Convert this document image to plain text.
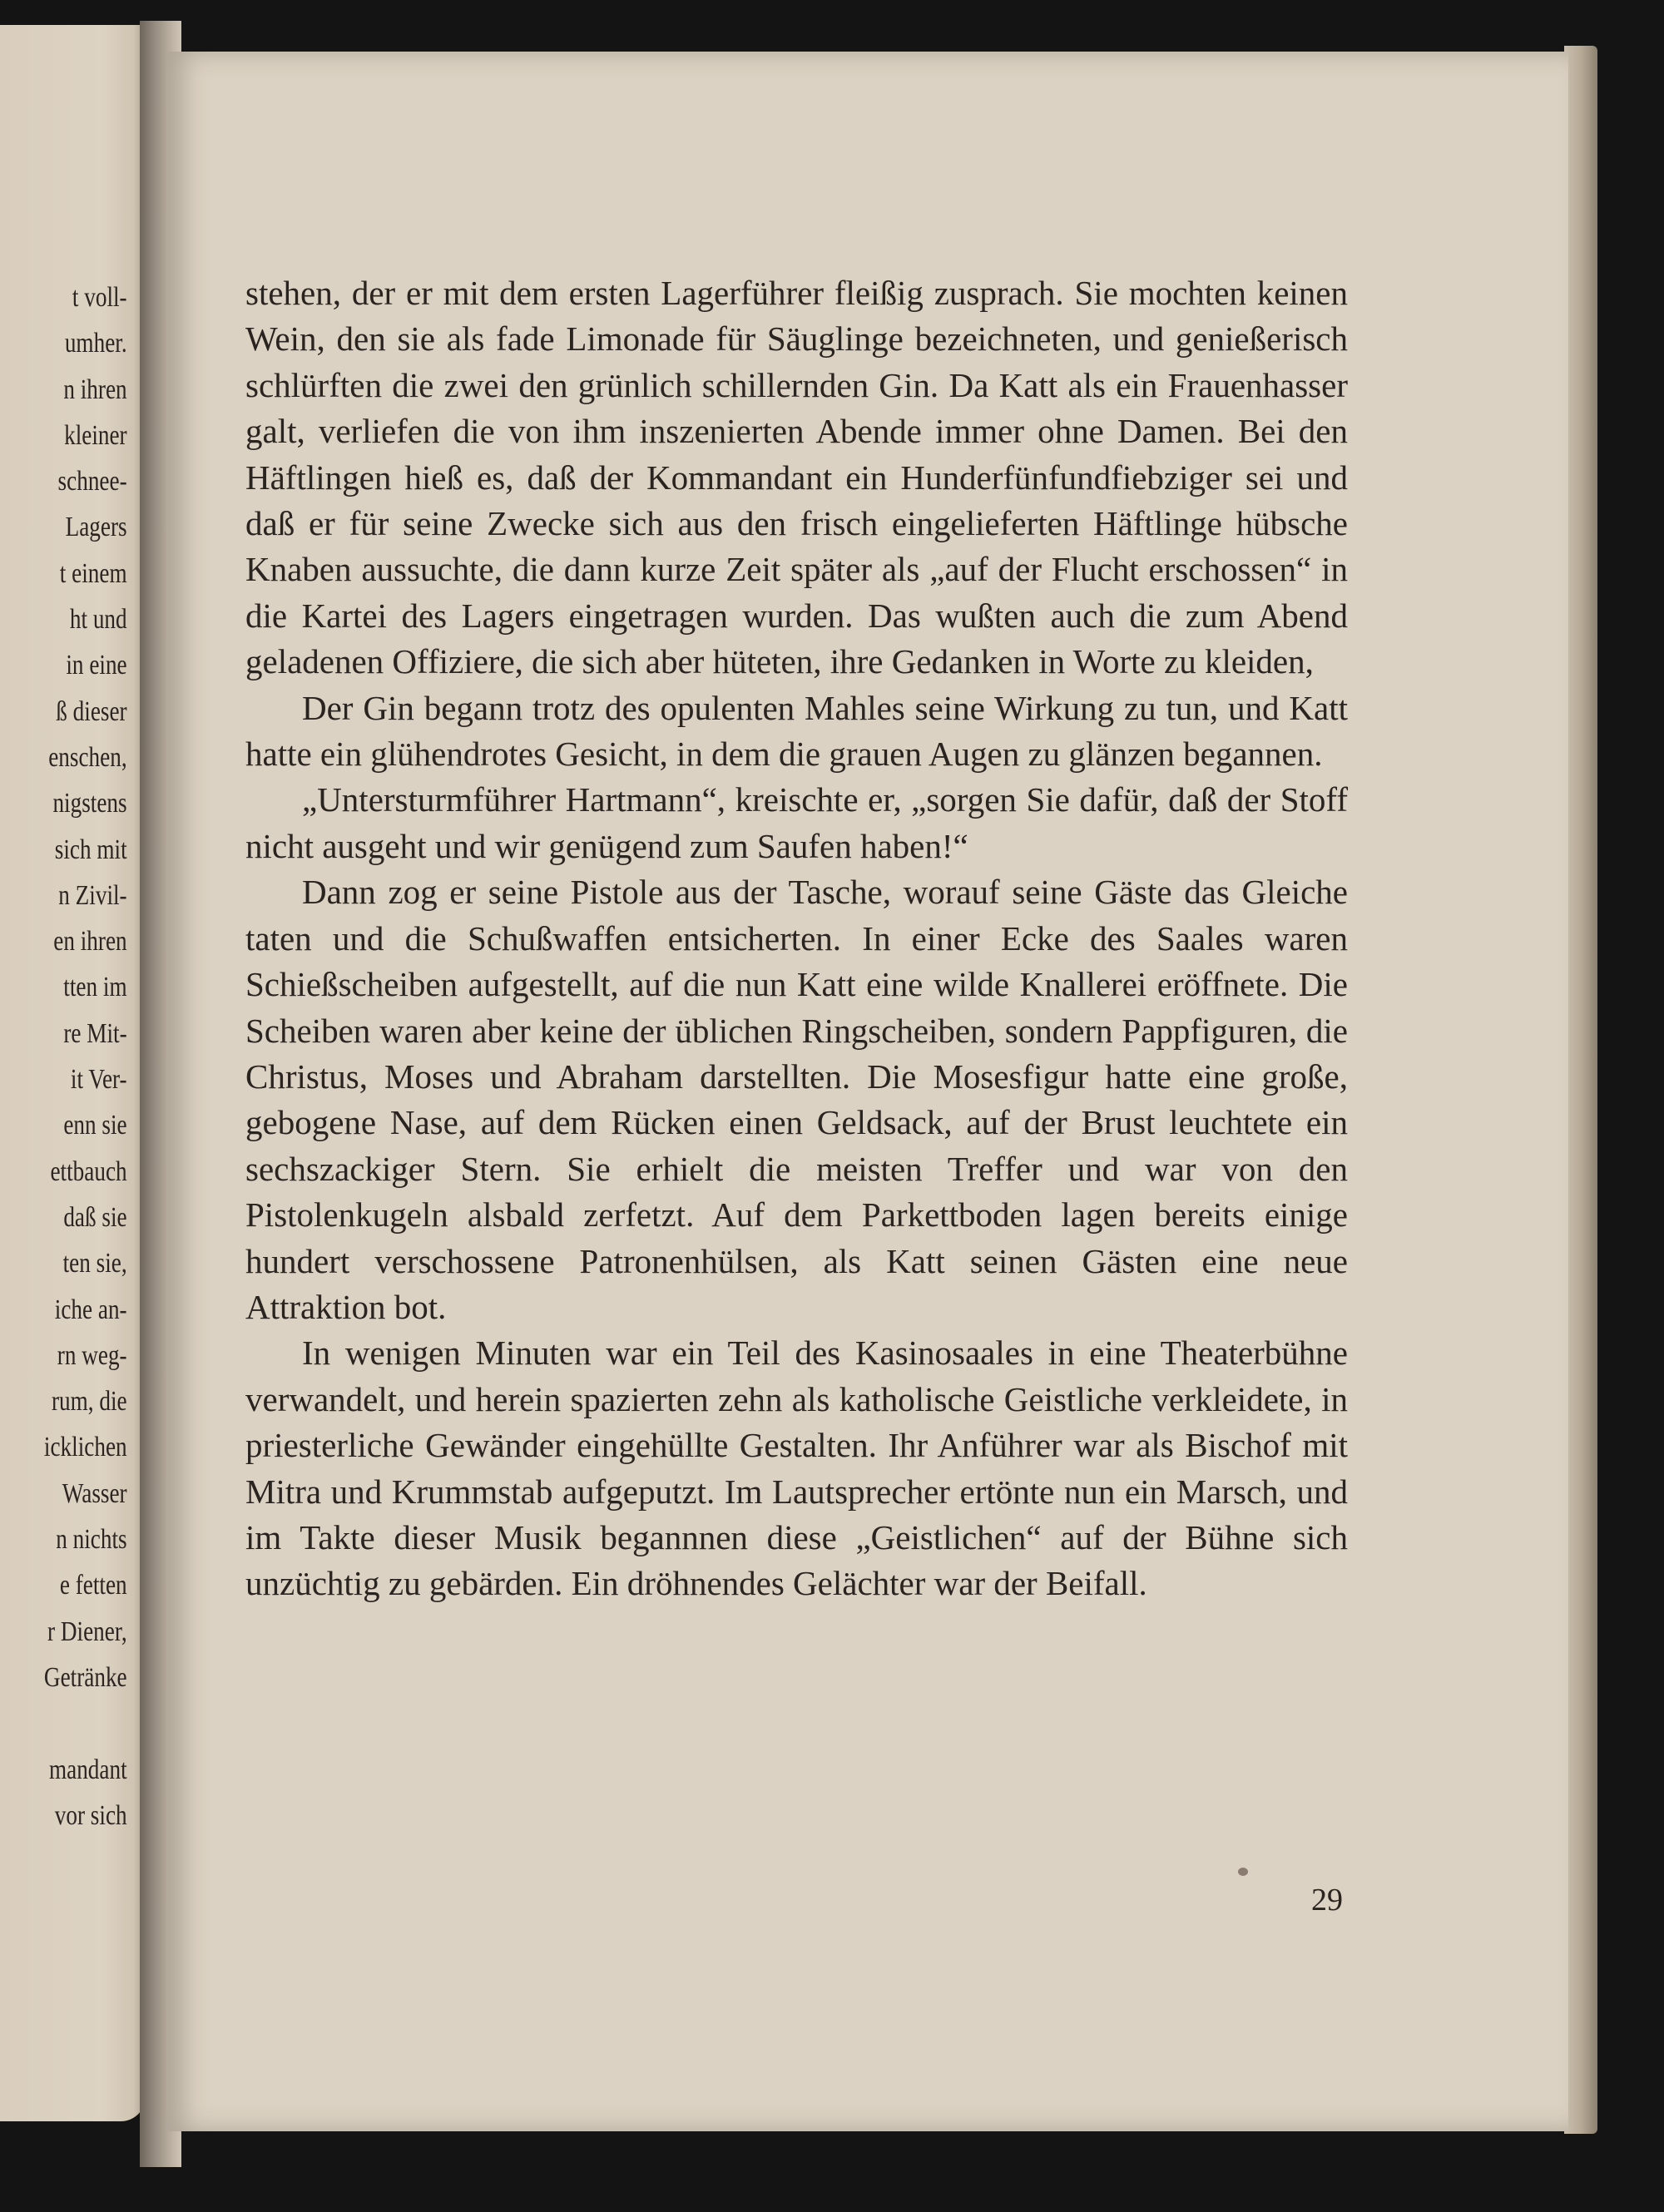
t voll-
umher.
n ihren
kleiner
schnee-
Lagers
t einem
ht und
in eine
ß dieser
enschen,
nigstens
sich mit
n Zivil-
en ihren
tten im
re Mit-
it Ver-
enn sie
ettbauch
daß sie
ten sie,
iche an-
rn weg-
rum, die
icklichen
Wasser
n nichts
e fetten
r Diener,
Getränke

mandant
vor sich

stehen, der er mit dem ersten Lagerführer fleißig zusprach. Sie mochten keinen Wein, den sie als fade Limonade für Säuglinge bezeichneten, und genießerisch schlürften die zwei den grünlich schillernden Gin. Da Katt als ein Frauenhasser galt, verliefen die von ihm inszenierten Abende immer ohne Damen. Bei den Häftlingen hieß es, daß der Kommandant ein Hunderfünfundfiebziger sei und daß er für seine Zwecke sich aus den frisch eingelieferten Häftlinge hübsche Knaben aussuchte, die dann kurze Zeit später als „auf der Flucht erschossen“ in die Kartei des Lagers eingetragen wurden. Das wußten auch die zum Abend geladenen Offiziere, die sich aber hüteten, ihre Gedanken in Worte zu kleiden,

Der Gin begann trotz des opulenten Mahles seine Wirkung zu tun, und Katt hatte ein glühendrotes Gesicht, in dem die grauen Augen zu glänzen begannen.

„Untersturmführer Hartmann“, kreischte er, „sorgen Sie dafür, daß der Stoff nicht ausgeht und wir genügend zum Saufen haben!“

Dann zog er seine Pistole aus der Tasche, worauf seine Gäste das Gleiche taten und die Schußwaffen entsicherten. In einer Ecke des Saales waren Schießscheiben aufgestellt, auf die nun Katt eine wilde Knallerei eröffnete. Die Scheiben waren aber keine der üblichen Ringscheiben, sondern Pappfiguren, die Christus, Moses und Abraham darstellten. Die Mosesfigur hatte eine große, gebogene Nase, auf dem Rücken einen Geldsack, auf der Brust leuchtete ein sechszackiger Stern. Sie erhielt die meisten Treffer und war von den Pistolenkugeln alsbald zerfetzt. Auf dem Parkettboden lagen bereits einige hundert verschossene Patronenhülsen, als Katt seinen Gästen eine neue Attraktion bot.

In wenigen Minuten war ein Teil des Kasinosaales in eine Theaterbühne verwandelt, und herein spazierten zehn als katholische Geistliche verkleidete, in priesterliche Gewänder eingehüllte Gestalten. Ihr Anführer war als Bischof mit Mitra und Krummstab aufgeputzt. Im Lautsprecher ertönte nun ein Marsch, und im Takte dieser Musik begannnen diese „Geistlichen“ auf der Bühne sich unzüchtig zu gebärden. Ein dröhnendes Gelächter war der Beifall.

29
